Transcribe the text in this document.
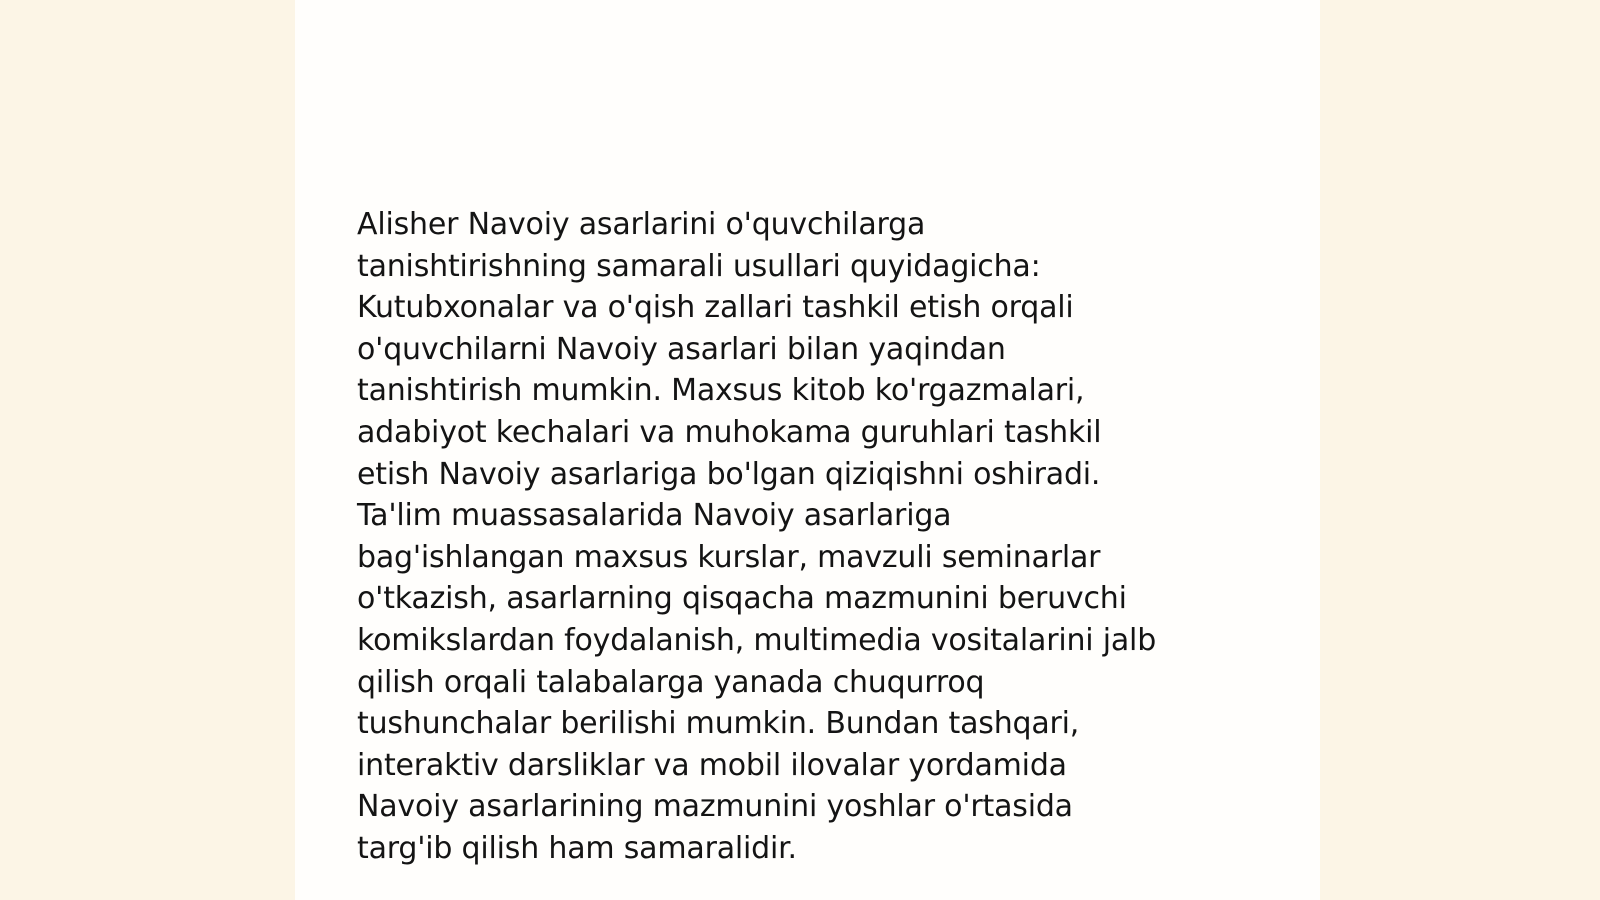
Alisher Navoiy asarlarini o'quvchilarga
tanishtirishning samarali usullari quyidagicha:
Kutubxonalar va o'qish zallari tashkil etish orqali
o'quvchilarni Navoiy asarlari bilan yaqindan
tanishtirish mumkin. Maxsus kitob ko'rgazmalari,
adabiyot kechalari va muhokama guruhlari tashkil
etish Navoiy asarlariga bo'lgan qiziqishni oshiradi.
Ta'lim muassasalarida Navoiy asarlariga
bag'ishlangan maxsus kurslar, mavzuli seminarlar
o'tkazish, asarlarning qisqacha mazmunini beruvchi
komikslardan foydalanish, multimedia vositalarini jalb
qilish orqali talabalarga yanada chuqurroq
tushunchalar berilishi mumkin. Bundan tashqari,
interaktiv darsliklar va mobil ilovalar yordamida
Navoiy asarlarining mazmunini yoshlar o'rtasida
targ'ib qilish ham samaralidir.
